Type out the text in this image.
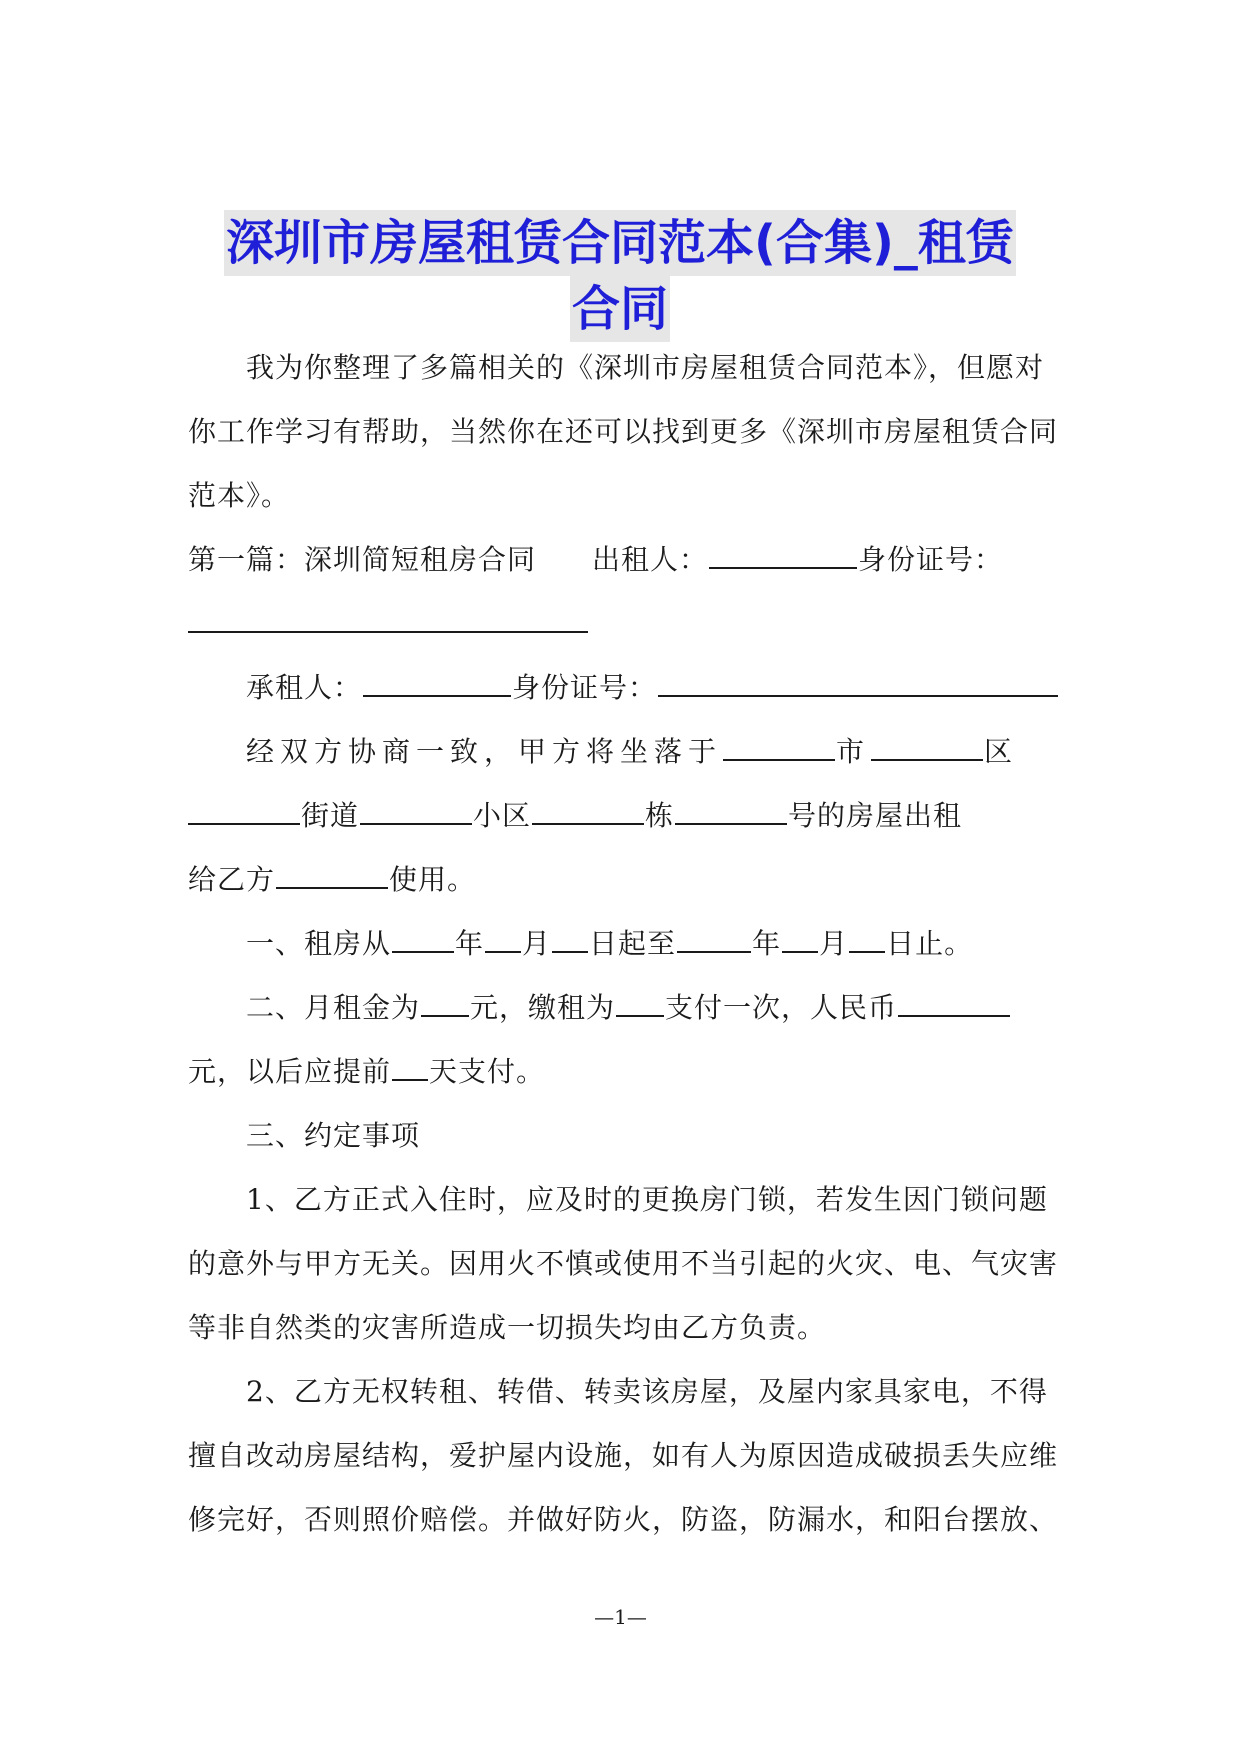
深圳市房屋租赁合同范本(合集)_租赁
合同

我为你整理了多篇相关的《深圳市房屋租赁合同范本》，但愿对

你工作学习有帮助，当然你在还可以找到更多《深圳市房屋租赁合同

范本》。

第一篇：深圳简短租房合同 出租人：	身份证号：

承租人：	身份证号：

经双方协商一致，甲方将坐落于	市	区

街道	小区	栋	号的房屋出租

给乙方	使用。

一、租房从 年 月 日起至	年 月 日止。

二、月租金为 元，缴租为 支付一次，人民币

元，以后应提前 天支付。

三、约定事项

1、乙方正式入住时，应及时的更换房门锁，若发生因门锁问题

的意外与甲方无关。因用火不慎或使用不当引起的火灾、电、气灾害

等非自然类的灾害所造成一切损失均由乙方负责。

2、乙方无权转租、转借、转卖该房屋，及屋内家具家电，不得

擅自改动房屋结构，爱护屋内设施，如有人为原因造成破损丢失应维

修完好，否则照价赔偿。并做好防火，防盗，防漏水，和阳台摆放、

—1—
